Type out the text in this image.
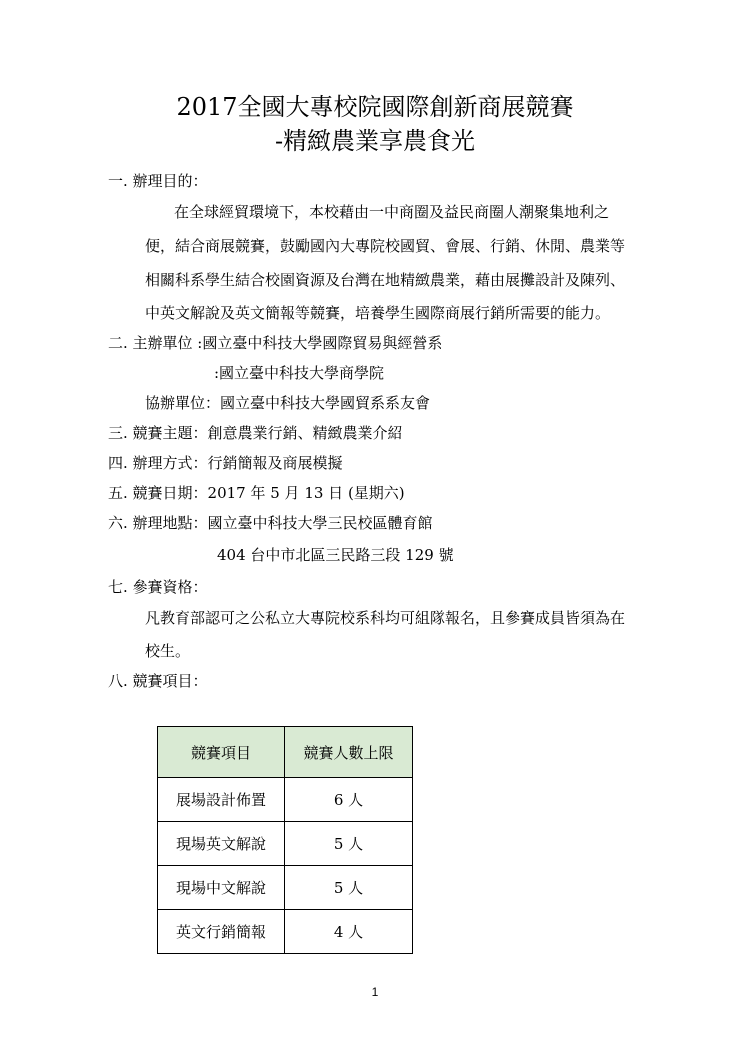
2017全國大專校院國際創新商展競賽
-精緻農業享農食光
一. 辦理目的：
在全球經貿環境下，本校藉由一中商圈及益民商圈人潮聚集地利之
便，結合商展競賽，鼓勵國內大專院校國貿、會展、行銷、休閒、農業等
相關科系學生結合校園資源及台灣在地精緻農業，藉由展攤設計及陳列、
中英文解說及英文簡報等競賽，培養學生國際商展行銷所需要的能力。
二. 主辦單位 :國立臺中科技大學國際貿易與經營系
:國立臺中科技大學商學院
協辦單位：國立臺中科技大學國貿系系友會
三. 競賽主題：創意農業行銷、精緻農業介紹
四. 辦理方式：行銷簡報及商展模擬
五. 競賽日期：2017 年 5 月 13 日 (星期六)
六. 辦理地點：國立臺中科技大學三民校區體育館
404 台中市北區三民路三段 129 號
七. 參賽資格：
凡教育部認可之公私立大專院校系科均可組隊報名，且參賽成員皆須為在
校生。
八. 競賽項目：
競賽項目	競賽人數上限
展場設計佈置	6 人
現場英文解說	5 人
現場中文解說	5 人
英文行銷簡報	4 人
1
